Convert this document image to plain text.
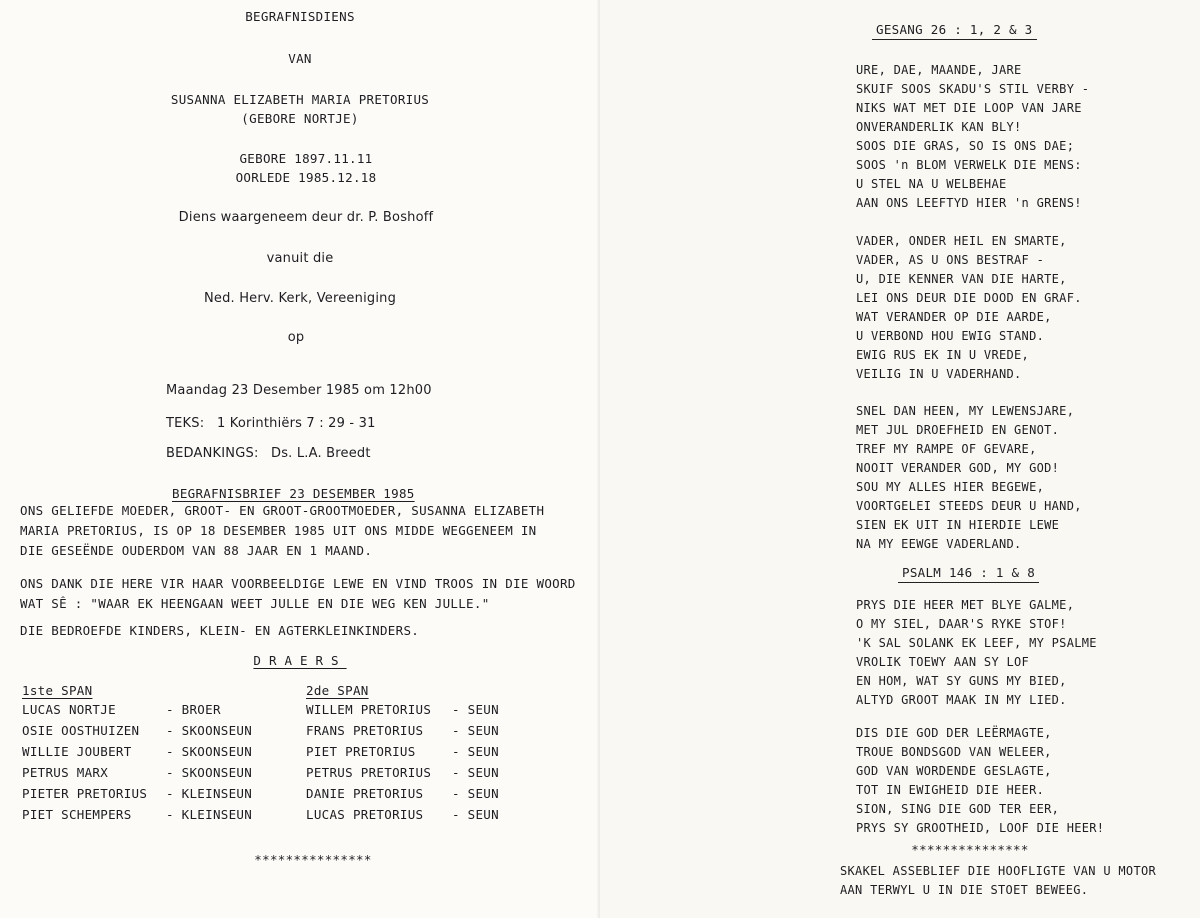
BEGRAFNISDIENS
VAN
SUSANNA ELIZABETH MARIA PRETORIUS
(GEBORE NORTJE)
GEBORE 1897.11.11
OORLEDE 1985.12.18
Diens waargeneem deur dr. P. Boshoff
vanuit die
Ned. Herv. Kerk, Vereeniging
op
Maandag 23 Desember 1985 om 12h00
TEKS: 1 Korinthiërs 7 : 29 - 31
BEDANKINGS: Ds. L.A. Breedt
BEGRAFNISBRIEF 23 DESEMBER 1985
ONS GELIEFDE MOEDER, GROOT- EN GROOT-GROOTMOEDER, SUSANNA ELIZABETH
MARIA PRETORIUS, IS OP 18 DESEMBER 1985 UIT ONS MIDDE WEGGENEEM IN
DIE GESEËNDE OUDERDOM VAN 88 JAAR EN 1 MAAND.
ONS DANK DIE HERE VIR HAAR VOORBEELDIGE LEWE EN VIND TROOS IN DIE WOORD
WAT SÊ : "WAAR EK HEENGAAN WEET JULLE EN DIE WEG KEN JULLE."
DIE BEDROEFDE KINDERS, KLEIN- EN AGTERKLEINKINDERS.
DRAERS
1ste SPAN	2de SPAN
LUCAS NORTJE	- BROER	WILLEM PRETORIUS - SEUN
OSIE OOSTHUIZEN - SKOONSEUN	FRANS PRETORIUS - SEUN
WILLIE JOUBERT	- SKOONSEUN	PIET PRETORIUS	- SEUN
PETRUS MARX	- SKOONSEUN	PETRUS PRETORIUS - SEUN
PIETER PRETORIUS - KLEINSEUN	DANIE PRETORIUS - SEUN
PIET SCHEMPERS	- KLEINSEUN	LUCAS PRETORIUS - SEUN
***************
GESANG 26 : 1, 2 & 3
URE, DAE, MAANDE, JARE
SKUIF SOOS SKADU'S STIL VERBY -
NIKS WAT MET DIE LOOP VAN JARE
ONVERANDERLIK KAN BLY!
SOOS DIE GRAS, SO IS ONS DAE;
SOOS 'n BLOM VERWELK DIE MENS:
U STEL NA U WELBEHAE
AAN ONS LEEFTYD HIER 'n GRENS!
VADER, ONDER HEIL EN SMARTE,
VADER, AS U ONS BESTRAF -
U, DIE KENNER VAN DIE HARTE,
LEI ONS DEUR DIE DOOD EN GRAF.
WAT VERANDER OP DIE AARDE,
U VERBOND HOU EWIG STAND.
EWIG RUS EK IN U VREDE,
VEILIG IN U VADERHAND.
SNEL DAN HEEN, MY LEWENSJARE,
MET JUL DROEFHEID EN GENOT.
TREF MY RAMPE OF GEVARE,
NOOIT VERANDER GOD, MY GOD!
SOU MY ALLES HIER BEGEWE,
VOORTGELEI STEEDS DEUR U HAND,
SIEN EK UIT IN HIERDIE LEWE
NA MY EEWGE VADERLAND.
PSALM 146 : 1 & 8
PRYS DIE HEER MET BLYE GALME,
O MY SIEL, DAAR'S RYKE STOF!
'K SAL SOLANK EK LEEF, MY PSALME
VROLIK TOEWY AAN SY LOF
EN HOM, WAT SY GUNS MY BIED,
ALTYD GROOT MAAK IN MY LIED.
DIS DIE GOD DER LEËRMAGTE,
TROUE BONDSGOD VAN WELEER,
GOD VAN WORDENDE GESLAGTE,
TOT IN EWIGHEID DIE HEER.
SION, SING DIE GOD TER EER,
PRYS SY GROOTHEID, LOOF DIE HEER!
***************
SKAKEL ASSEBLIEF DIE HOOFLIGTE VAN U MOTOR
AAN TERWYL U IN DIE STOET BEWEEG.
